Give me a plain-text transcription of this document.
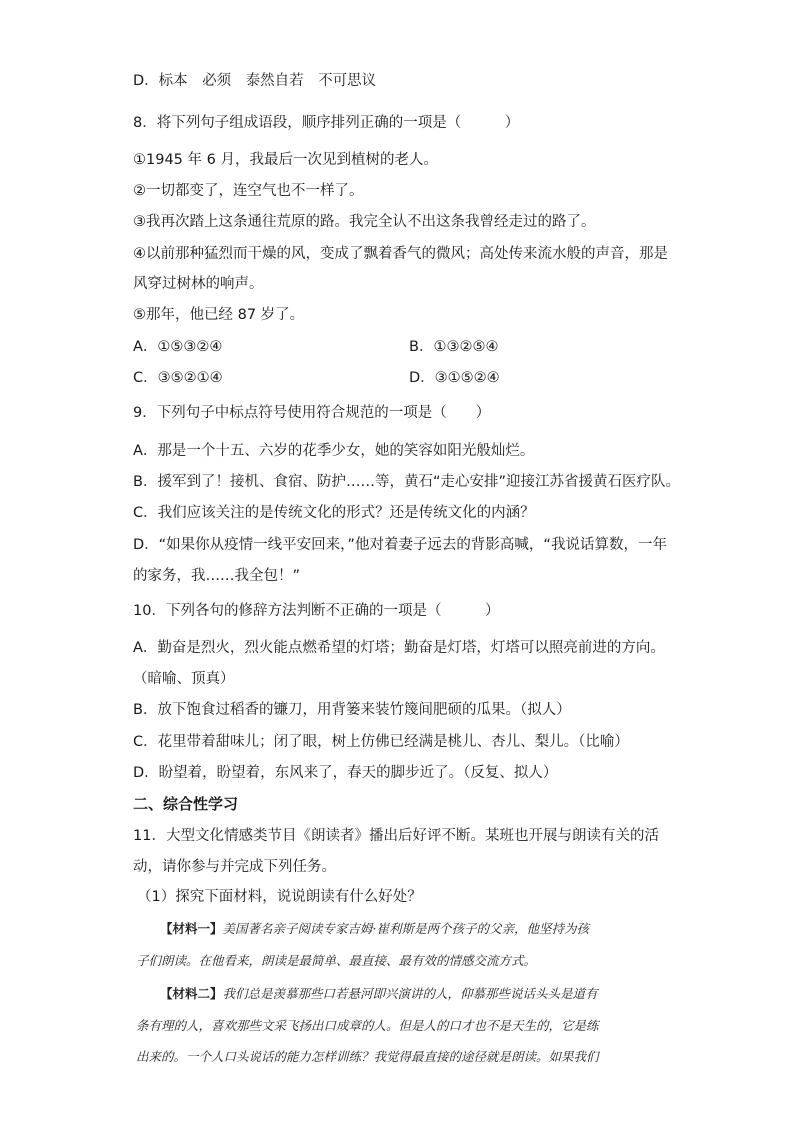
D．标本　必须　泰然自若　不可思议
8．将下列句子组成语段，顺序排列正确的一项是（　　　）
①1945 年 6 月，我最后一次见到植树的老人。
②一切都变了，连空气也不一样了。
③我再次踏上这条通往荒原的路。我完全认不出这条我曾经走过的路了。
④以前那种猛烈而干燥的风，变成了飘着香气的微风；高处传来流水般的声音，那是
风穿过树林的响声。
⑤那年，他已经 87 岁了。
A．①⑤③②④	B．①③②⑤④
C．③⑤②①④	D．③①⑤②④
9．下列句子中标点符号使用符合规范的一项是（　　）
A．那是一个十五、六岁的花季少女，她的笑容如阳光般灿烂。
B．援军到了！接机、食宿、防护……等，黄石“走心安排”迎接江苏省援黄石医疗队。
C．我们应该关注的是传统文化的形式？还是传统文化的内涵？
D．“如果你从疫情一线平安回来，”他对着妻子远去的背影高喊，“我说话算数，一年
的家务，我……我全包！”
10．下列各句的修辞方法判断不正确的一项是（　　　）
A．勤奋是烈火，烈火能点燃希望的灯塔；勤奋是灯塔，灯塔可以照亮前进的方向。
（暗喻、顶真）
B．放下饱食过稻香的镰刀，用背篓来装竹篾间肥硕的瓜果。（拟人）
C．花里带着甜味儿；闭了眼，树上仿佛已经满是桃儿、杏儿、梨儿。（比喻）
D．盼望着，盼望着，东风来了，春天的脚步近了。（反复、拟人）
二、综合性学习
11．大型文化情感类节目《朗读者》播出后好评不断。某班也开展与朗读有关的活
动，请你参与并完成下列任务。
（1）探究下面材料，说说朗读有什么好处？
【材料一】美国著名亲子阅读专家吉姆·崔利斯是两个孩子的父亲，他坚持为孩
子们朗读。在他看来，朗读是最简单、最直接、最有效的情感交流方式。
【材料二】我们总是羡慕那些口若悬河即兴演讲的人，仰慕那些说话头头是道有
条有理的人，喜欢那些文采飞扬出口成章的人。但是人的口才也不是天生的，它是练
出来的。一个人口头说话的能力怎样训练？我觉得最直接的途径就是朗读。如果我们
